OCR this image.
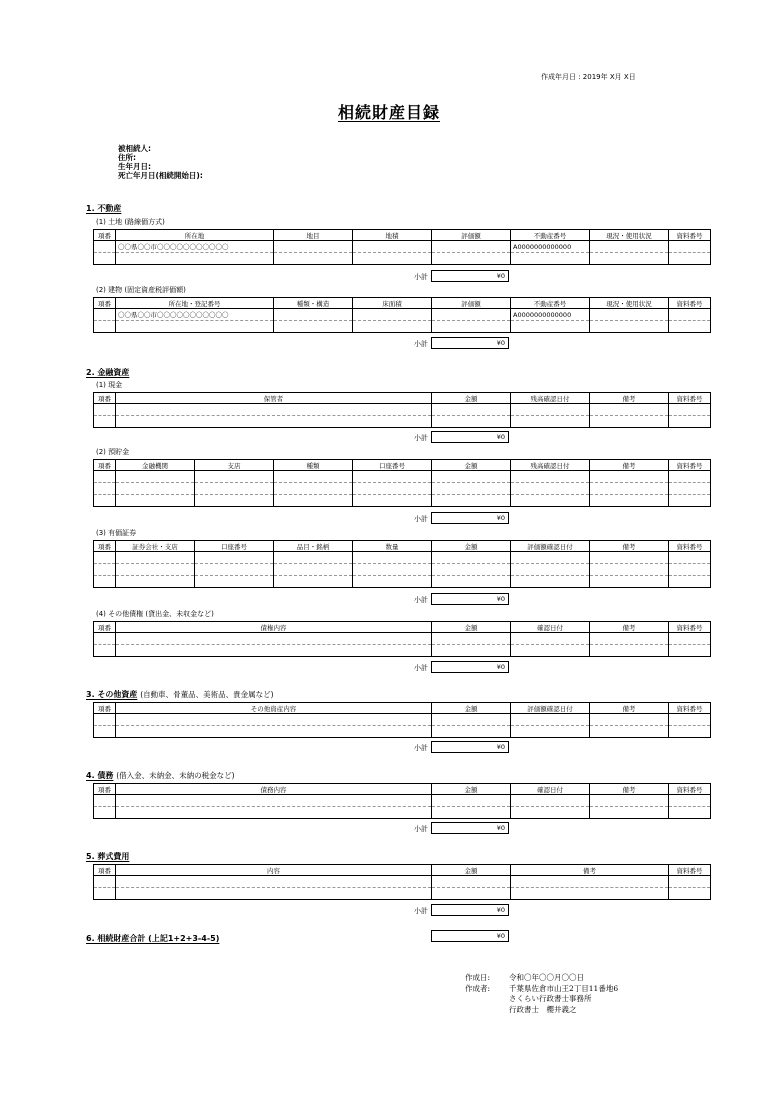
作成年月日 : 2019年 X月 X日
相続財産目録
被相続人:
住所:
生年月日:
死亡年月日(相続開始日):
1. 不動産
(1) 土地 (路線価方式)
項番	所在地	地目	地積	評価額	不動産番号	現況・使用状況	資料番号
	〇〇県〇〇市〇〇〇〇〇〇〇〇〇〇〇				A0000000000000		

小計	¥0
(2) 建物 (固定資産税評価額)
項番	所在地・登記番号	種類・構造	床面積	評価額	不動産番号	現況・使用状況	資料番号
	〇〇県〇〇市〇〇〇〇〇〇〇〇〇〇〇				A0000000000000		

小計	¥0
2. 金融資産
(1) 現金
項番	保管者	金額	残高確認日付	備考	資料番号

小計	¥0
(2) 預貯金
項番	金融機関	支店	種類	口座番号	金額	残高確認日付	備考	資料番号

小計	¥0
(3) 有価証券
項番	証券会社・支店	口座番号	品目・銘柄	数量	金額	評価額確認日付	備考	資料番号

小計	¥0
(4) その他債権 (貸出金、未収金など)
項番	債権内容	金額	確認日付	備考	資料番号

小計	¥0
3. その他資産 (自動車、骨董品、美術品、貴金属など)
項番	その他資産内容	金額	評価額確認日付	備考	資料番号

小計	¥0
4. 債務 (借入金、未納金、未納の税金など)
項番	債務内容	金額	確認日付	備考	資料番号

小計	¥0
5. 葬式費用
項番	内容	金額	備考	資料番号

小計	¥0
6. 相続財産合計 (上記1+2+3-4-5)	¥0
作成日:	令和〇年〇〇月〇〇日
作成者:	千葉県佐倉市山王2丁目11番地6
さくらい行政書士事務所
行政書士　櫻井義之
